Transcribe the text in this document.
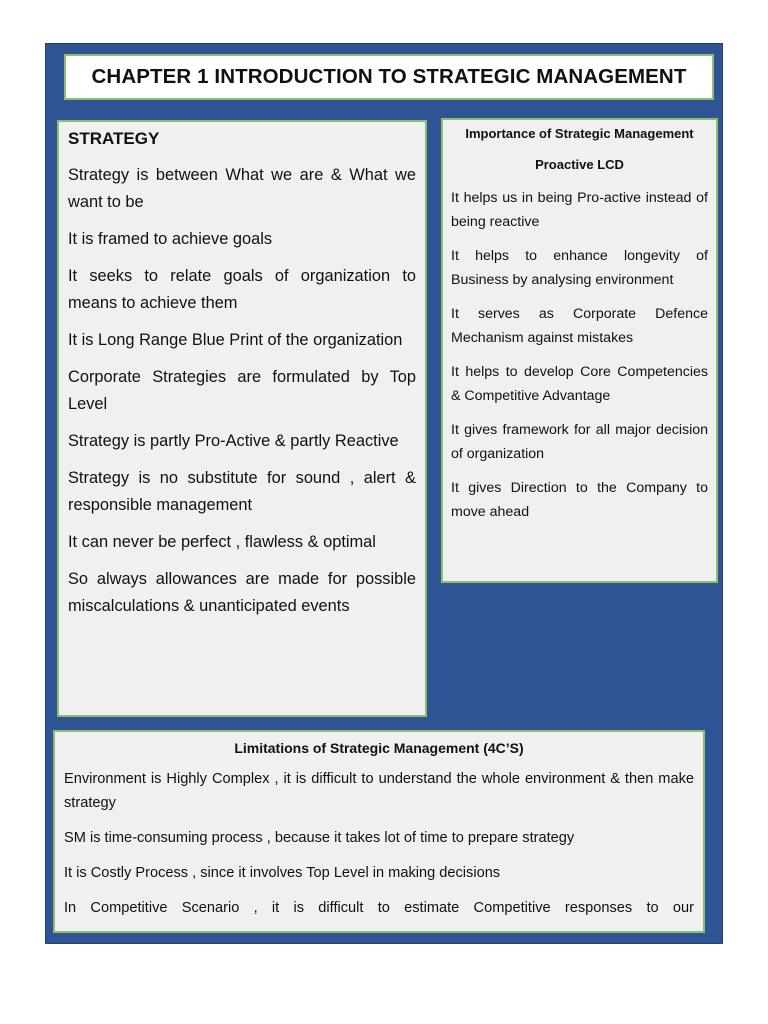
CHAPTER 1 INTRODUCTION TO STRATEGIC MANAGEMENT
STRATEGY

Strategy is between What we are & What we want to be

It is framed to achieve goals

It seeks to relate goals of organization to means to achieve them

It is Long Range Blue Print of the organization

Corporate Strategies are formulated by Top Level

Strategy is partly Pro-Active & partly Reactive

Strategy is no substitute for sound , alert & responsible management

It can never be perfect , flawless & optimal

So always allowances are made for possible miscalculations & unanticipated events

Importance of Strategic Management
Proactive LCD

It helps us in being Pro-active instead of being reactive

It helps to enhance longevity of Business by analysing environment

It serves as Corporate Defence Mechanism against mistakes

It helps to develop Core Competencies & Competitive Advantage

It gives framework for all major decision of organization

It gives Direction to the Company to move ahead

Limitations of Strategic Management (4C’S)

Environment is Highly Complex , it is difficult to understand the whole environment & then make strategy

SM is time-consuming process , because it takes lot of time to prepare strategy

It is Costly Process , since it involves Top Level in making decisions

In Competitive Scenario , it is difficult to estimate Competitive responses to our
